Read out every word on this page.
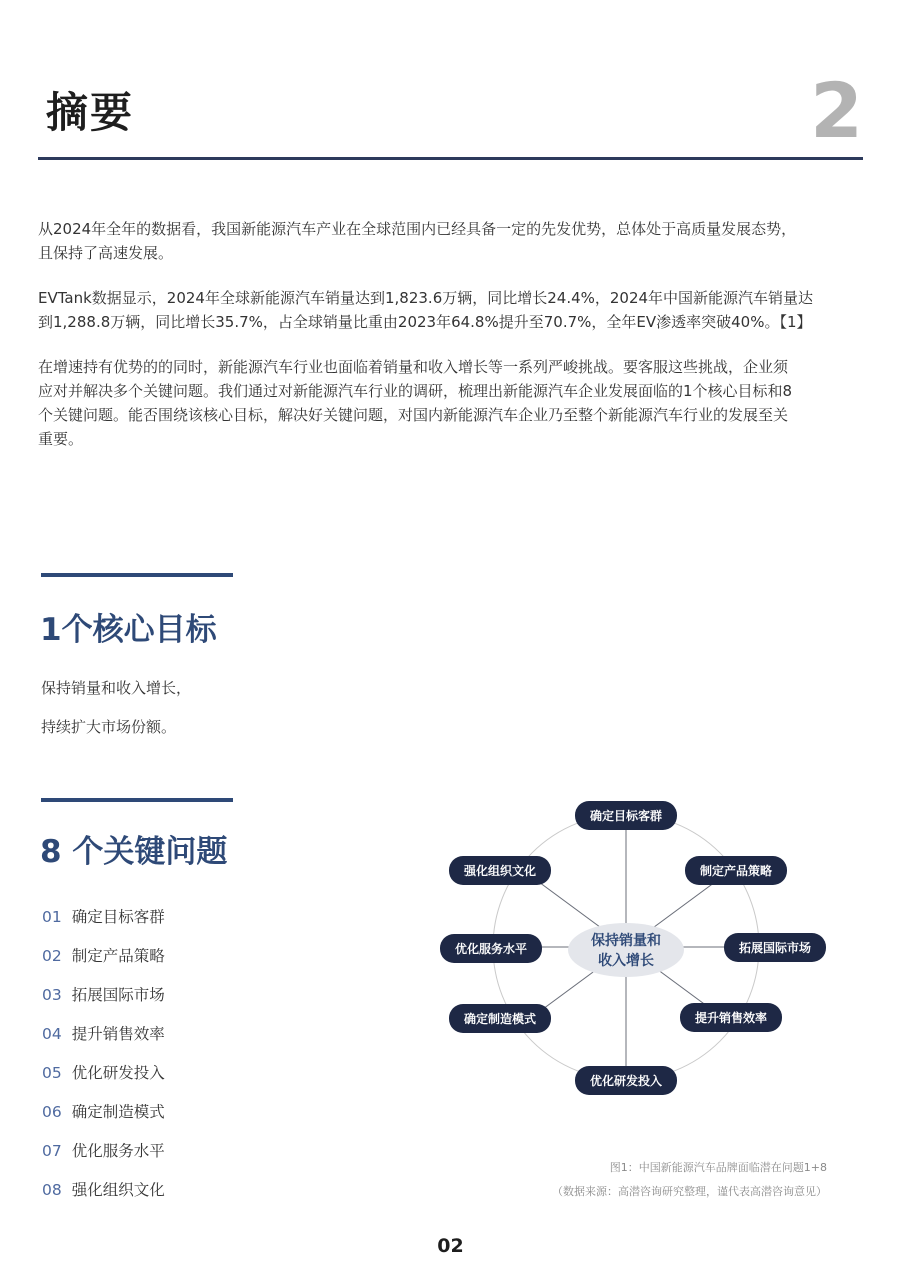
摘要	2
从2024年全年的数据看，我国新能源汽车产业在全球范围内已经具备一定的先发优势，总体处于高质量发展态势，
且保持了高速发展。
EVTank数据显示，2024年全球新能源汽车销量达到1,823.6万辆，同比增长24.4%，2024年中国新能源汽车销量达
到1,288.8万辆，同比增长35.7%，占全球销量比重由2023年64.8%提升至70.7%，全年EV渗透率突破40%。【1】
在增速持有优势的的同时，新能源汽车行业也面临着销量和收入增长等一系列严峻挑战。要客服这些挑战，企业须
应对并解决多个关键问题。我们通过对新能源汽车行业的调研，梳理出新能源汽车企业发展面临的1个核心目标和8
个关键问题。能否围绕该核心目标，解决好关键问题，对国内新能源汽车企业乃至整个新能源汽车行业的发展至关
重要。
1个核心目标
保持销量和收入增长，
持续扩大市场份额。
8 个关键问题
01 确定目标客群
02 制定产品策略
03 拓展国际市场
04 提升销售效率
05 优化研发投入
06 确定制造模式
07 优化服务水平
08 强化组织文化
保持销量和
收入增长
确定目标客群
制定产品策略
拓展国际市场
提升销售效率
优化研发投入
确定制造模式
优化服务水平
强化组织文化
图1：中国新能源汽车品牌面临潜在问题1+8
（数据来源：高潜咨询研究整理，谨代表高潜咨询意见）
02
